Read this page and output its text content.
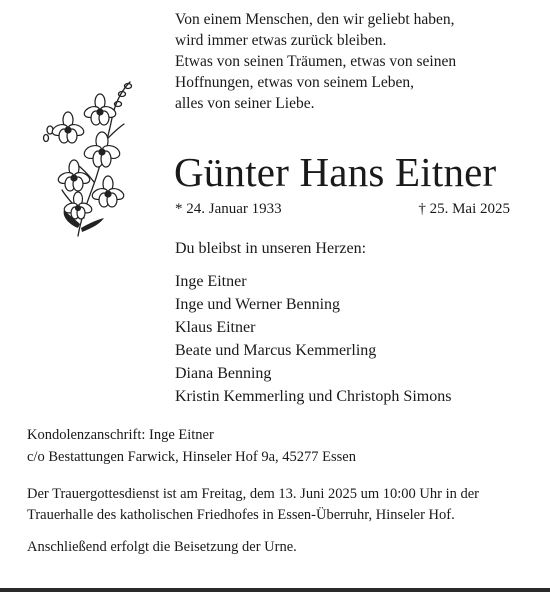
Von einem Menschen, den wir geliebt haben,
wird immer etwas zurück bleiben.
Etwas von seinen Träumen, etwas von seinen
Hoffnungen, etwas von seinem Leben,
alles von seiner Liebe.
Günter Hans Eitner
* 24. Januar 1933	† 25. Mai 2025
Du bleibst in unseren Herzen:
Inge Eitner
Inge und Werner Benning
Klaus Eitner
Beate und Marcus Kemmerling
Diana Benning
Kristin Kemmerling und Christoph Simons
Kondolenzanschrift: Inge Eitner
c/o Bestattungen Farwick, Hinseler Hof 9a, 45277 Essen
Der Trauergottesdienst ist am Freitag, dem 13. Juni 2025 um 10:00 Uhr in der
Trauerhalle des katholischen Friedhofes in Essen-Überruhr, Hinseler Hof.
Anschließend erfolgt die Beisetzung der Urne.
